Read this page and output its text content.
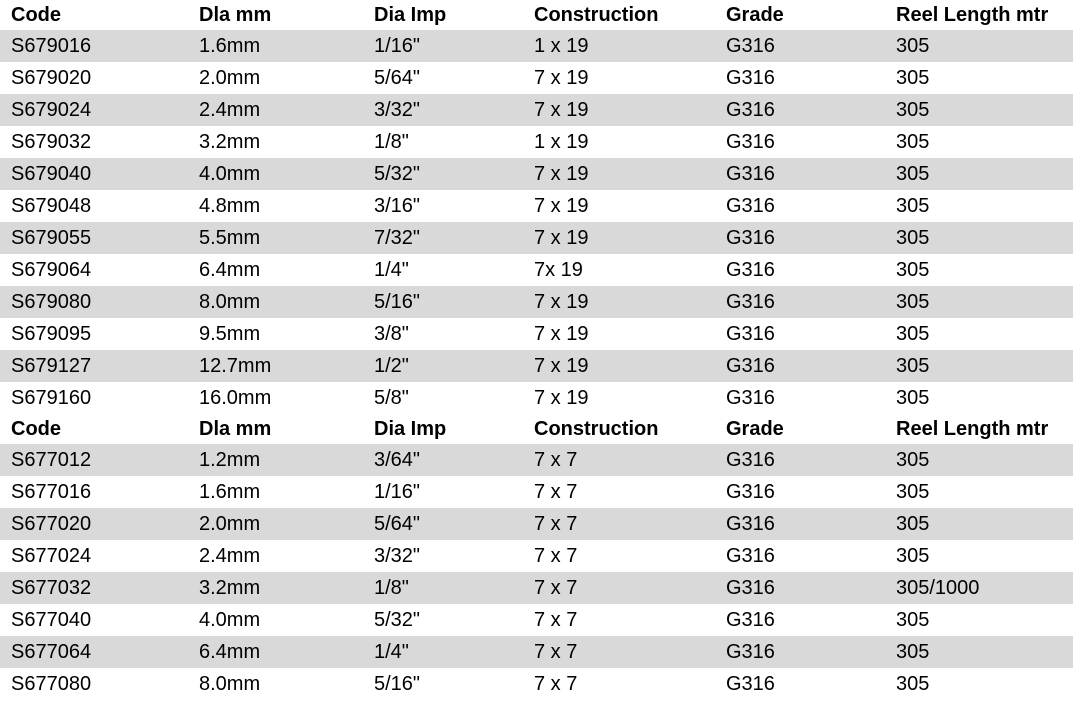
Code	Dla mm	Dia Imp	Construction	Grade	Reel Length mtr
S679016	1.6mm	1/16"	1 x 19	G316	305
S679020	2.0mm	5/64"	7 x 19	G316	305
S679024	2.4mm	3/32"	7 x 19	G316	305
S679032	3.2mm	1/8"	1 x 19	G316	305
S679040	4.0mm	5/32"	7 x 19	G316	305
S679048	4.8mm	3/16"	7 x 19	G316	305
S679055	5.5mm	7/32"	7 x 19	G316	305
S679064	6.4mm	1/4"	7x 19	G316	305
S679080	8.0mm	5/16"	7 x 19	G316	305
S679095	9.5mm	3/8"	7 x 19	G316	305
S679127	12.7mm	1/2"	7 x 19	G316	305
S679160	16.0mm	5/8"	7 x 19	G316	305
Code	Dla mm	Dia Imp	Construction	Grade	Reel Length mtr
S677012	1.2mm	3/64"	7 x 7	G316	305
S677016	1.6mm	1/16"	7 x 7	G316	305
S677020	2.0mm	5/64"	7 x 7	G316	305
S677024	2.4mm	3/32"	7 x 7	G316	305
S677032	3.2mm	1/8"	7 x 7	G316	305/1000
S677040	4.0mm	5/32"	7 x 7	G316	305
S677064	6.4mm	1/4"	7 x 7	G316	305
S677080	8.0mm	5/16"	7 x 7	G316	305
